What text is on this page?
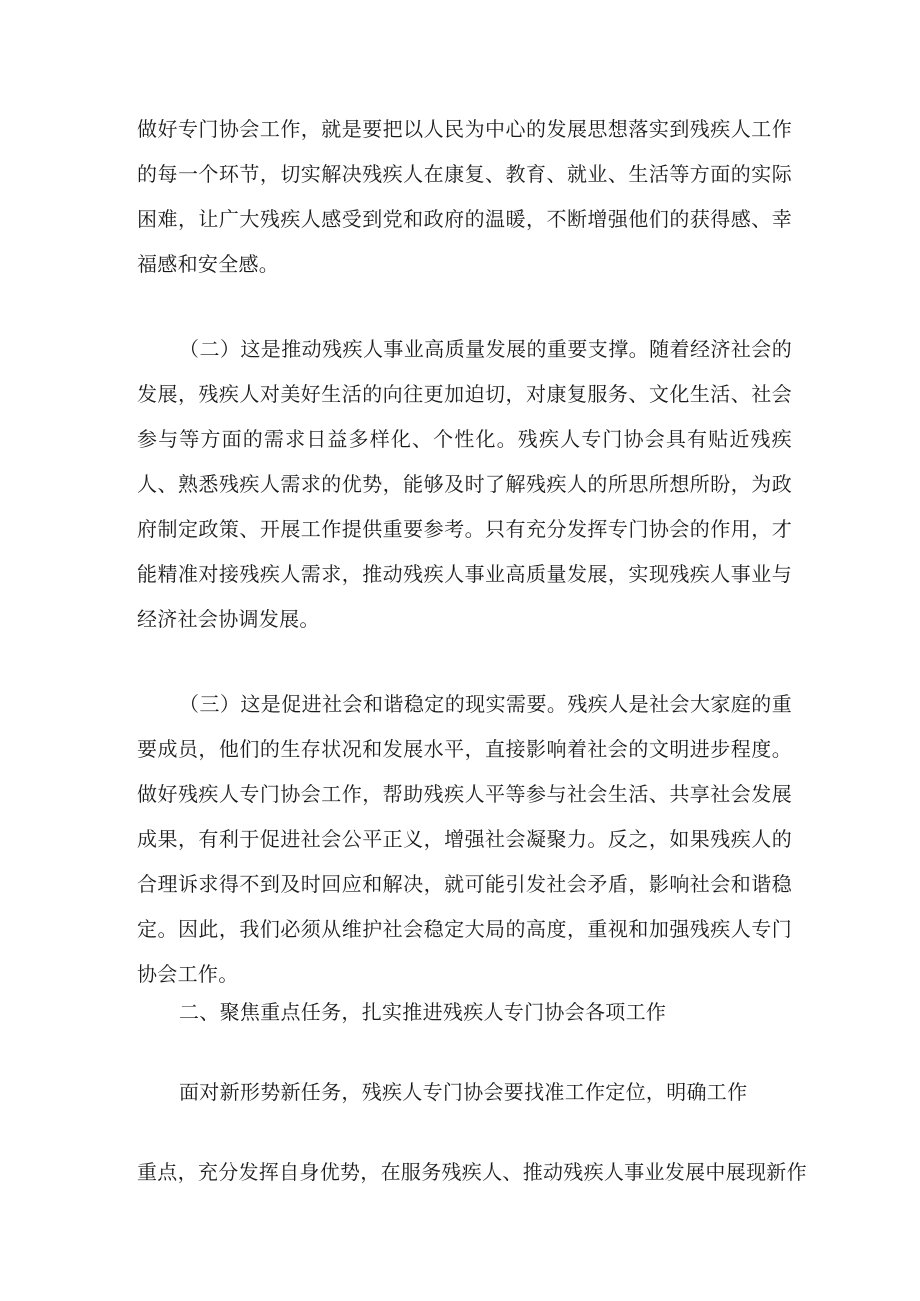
做好专门协会工作，就是要把以人民为中心的发展思想落实到残疾人工作的每一个环节，切实解决残疾人在康复、教育、就业、生活等方面的实际困难，让广大残疾人感受到党和政府的温暖，不断增强他们的获得感、幸福感和安全感。

（二）这是推动残疾人事业高质量发展的重要支撑。随着经济社会的发展，残疾人对美好生活的向往更加迫切，对康复服务、文化生活、社会参与等方面的需求日益多样化、个性化。残疾人专门协会具有贴近残疾人、熟悉残疾人需求的优势，能够及时了解残疾人的所思所想所盼，为政府制定政策、开展工作提供重要参考。只有充分发挥专门协会的作用，才能精准对接残疾人需求，推动残疾人事业高质量发展，实现残疾人事业与经济社会协调发展。

（三）这是促进社会和谐稳定的现实需要。残疾人是社会大家庭的重要成员，他们的生存状况和发展水平，直接影响着社会的文明进步程度。做好残疾人专门协会工作，帮助残疾人平等参与社会生活、共享社会发展成果，有利于促进社会公平正义，增强社会凝聚力。反之，如果残疾人的合理诉求得不到及时回应和解决，就可能引发社会矛盾，影响社会和谐稳定。因此，我们必须从维护社会稳定大局的高度，重视和加强残疾人专门协会工作。

二、聚焦重点任务，扎实推进残疾人专门协会各项工作

面对新形势新任务，残疾人专门协会要找准工作定位，明确工作

重点，充分发挥自身优势，在服务残疾人、推动残疾人事业发展中展现新作
